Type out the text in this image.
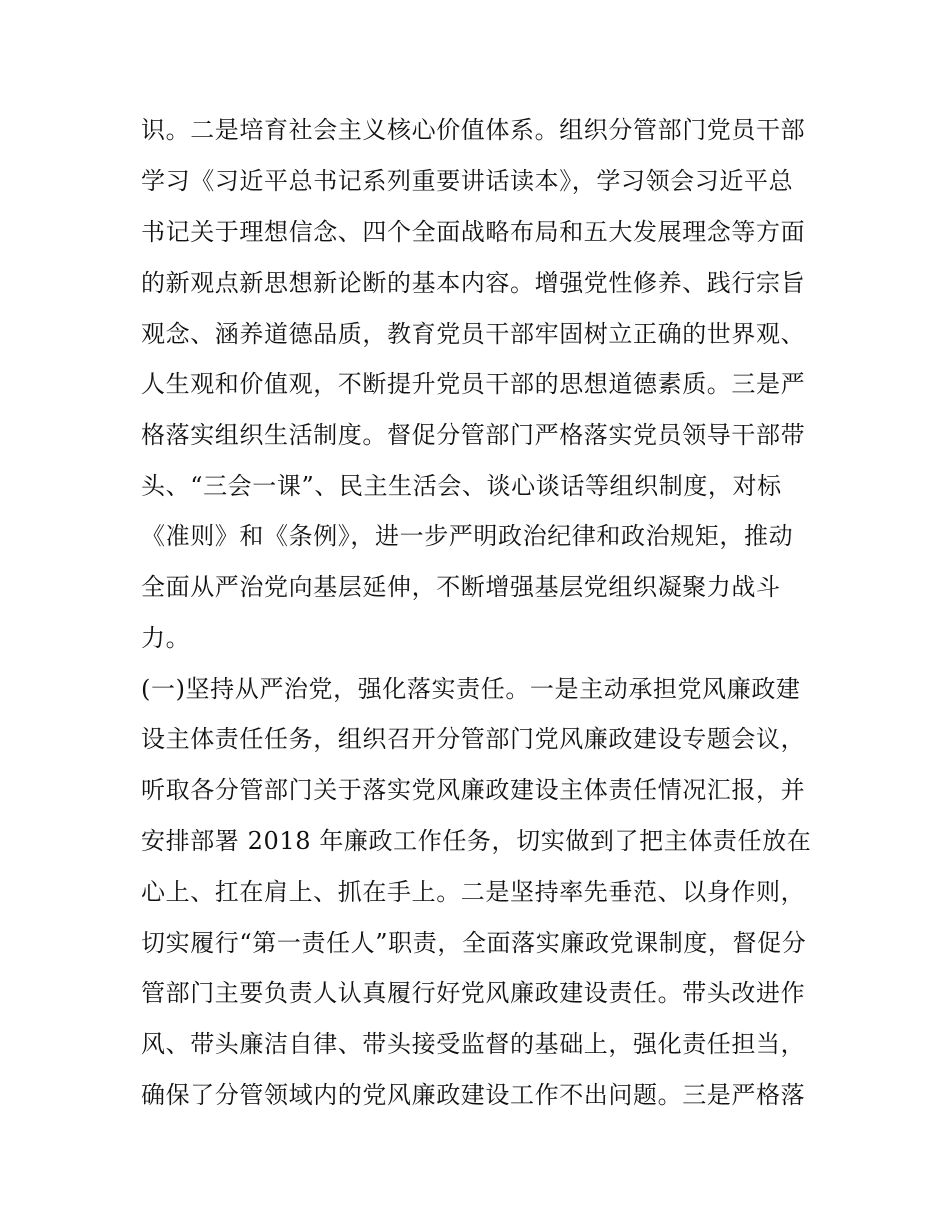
识。二是培育社会主义核心价值体系。组织分管部门党员干部
学习《习近平总书记系列重要讲话读本》，学习领会习近平总
书记关于理想信念、四个全面战略布局和五大发展理念等方面
的新观点新思想新论断的基本内容。增强党性修养、践行宗旨
观念、涵养道德品质，教育党员干部牢固树立正确的世界观、
人生观和价值观，不断提升党员干部的思想道德素质。三是严
格落实组织生活制度。督促分管部门严格落实党员领导干部带
头、“三会一课”、民主生活会、谈心谈话等组织制度，对标
《准则》和《条例》，进一步严明政治纪律和政治规矩，推动
全面从严治党向基层延伸，不断增强基层党组织凝聚力战斗
力。
(一)坚持从严治党，强化落实责任。一是主动承担党风廉政建
设主体责任任务，组织召开分管部门党风廉政建设专题会议，
听取各分管部门关于落实党风廉政建设主体责任情况汇报，并
安排部署 2018 年廉政工作任务，切实做到了把主体责任放在
心上、扛在肩上、抓在手上。二是坚持率先垂范、以身作则，
切实履行“第一责任人”职责，全面落实廉政党课制度，督促分
管部门主要负责人认真履行好党风廉政建设责任。带头改进作
风、带头廉洁自律、带头接受监督的基础上，强化责任担当，
确保了分管领域内的党风廉政建设工作不出问题。三是严格落
